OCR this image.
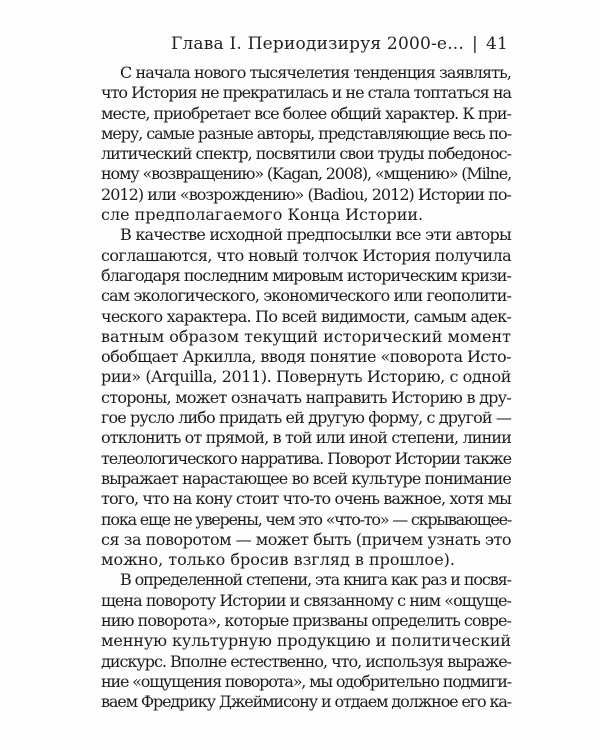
Глава I. Периодизируя 2000-е... | 41
С начала нового тысячелетия тенденция заявлять,
что История не прекратилась и не стала топтаться на
месте, приобретает все более общий характер. К при-
меру, самые разные авторы, представляющие весь по-
литический спектр, посвятили свои труды победонос-
ному «возвращению» (Kagan, 2008), «мщению» (Milne,
2012) или «возрождению» (Badiou, 2012) Истории по-
сле предполагаемого Конца Истории.
В качестве исходной предпосылки все эти авторы
соглашаются, что новый толчок История получила
благодаря последним мировым историческим кризи-
сам экологического, экономического или геополити-
ческого характера. По всей видимости, самым адек-
ватным образом текущий исторический момент
обобщает Аркилла, вводя понятие «поворота Исто-
рии» (Arquilla, 2011). Повернуть Историю, с одной
стороны, может означать направить Историю в дру-
гое русло либо придать ей другую форму, с другой —
отклонить от прямой, в той или иной степени, линии
телеологического нарратива. Поворот Истории также
выражает нарастающее во всей культуре понимание
того, что на кону стоит что-то очень важное, хотя мы
пока еще не уверены, чем это «что-то» — скрывающее-
ся за поворотом — может быть (причем узнать это
можно, только бросив взгляд в прошлое).
В определенной степени, эта книга как раз и посвя-
щена повороту Истории и связанному с ним «ощуще-
нию поворота», которые призваны определить совре-
менную культурную продукцию и политический
дискурс. Вполне естественно, что, используя выраже-
ние «ощущения поворота», мы одобрительно подмиги-
ваем Фредрику Джеймисону и отдаем должное его ка-
